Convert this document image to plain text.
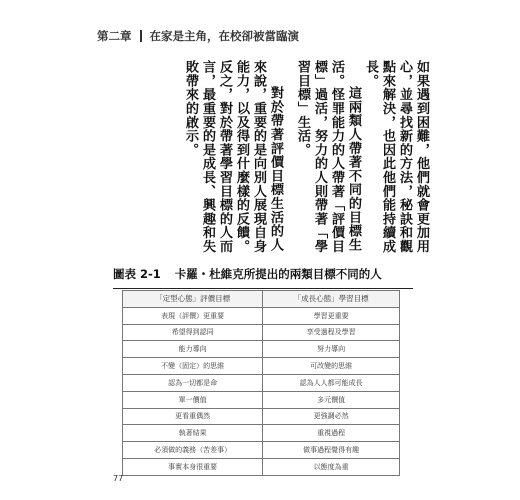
第二章 在家是主角，在校卻被當臨演

如果遇到困難，他們就會更加用心，並尋找新的方法，秘訣和觀點來解決，也因此他們能持續成長。

這兩類人帶著不同的目標生活。怪罪能力的人帶著「評價目標」過活，努力的人則帶著「學習目標」生活。

對於帶著評價目標生活的人來說，重要的是向別人展現自身能力，以及得到什麼樣的反饋。反之，對於帶著學習目標的人而言，最重要的是成長、興趣和失敗帶來的啟示。

圖表 2-1 卡羅・杜維克所提出的兩類目標不同的人
「定型心態」評價目標	「成長心態」學習目標
表現（評價）更重要	學習更重要
希望得到認同	享受過程及學習
能力導向	努力導向
不變（固定）的思維	可改變的思維
認為一切都是命	認為人人都可能成長
單一價值	多元價值
更看重偶然	更強調必然
執著結果	重視過程
必須做的義務（苦差事）	做事過程覺得有趣
事實本身很重要	以態度為重
77
